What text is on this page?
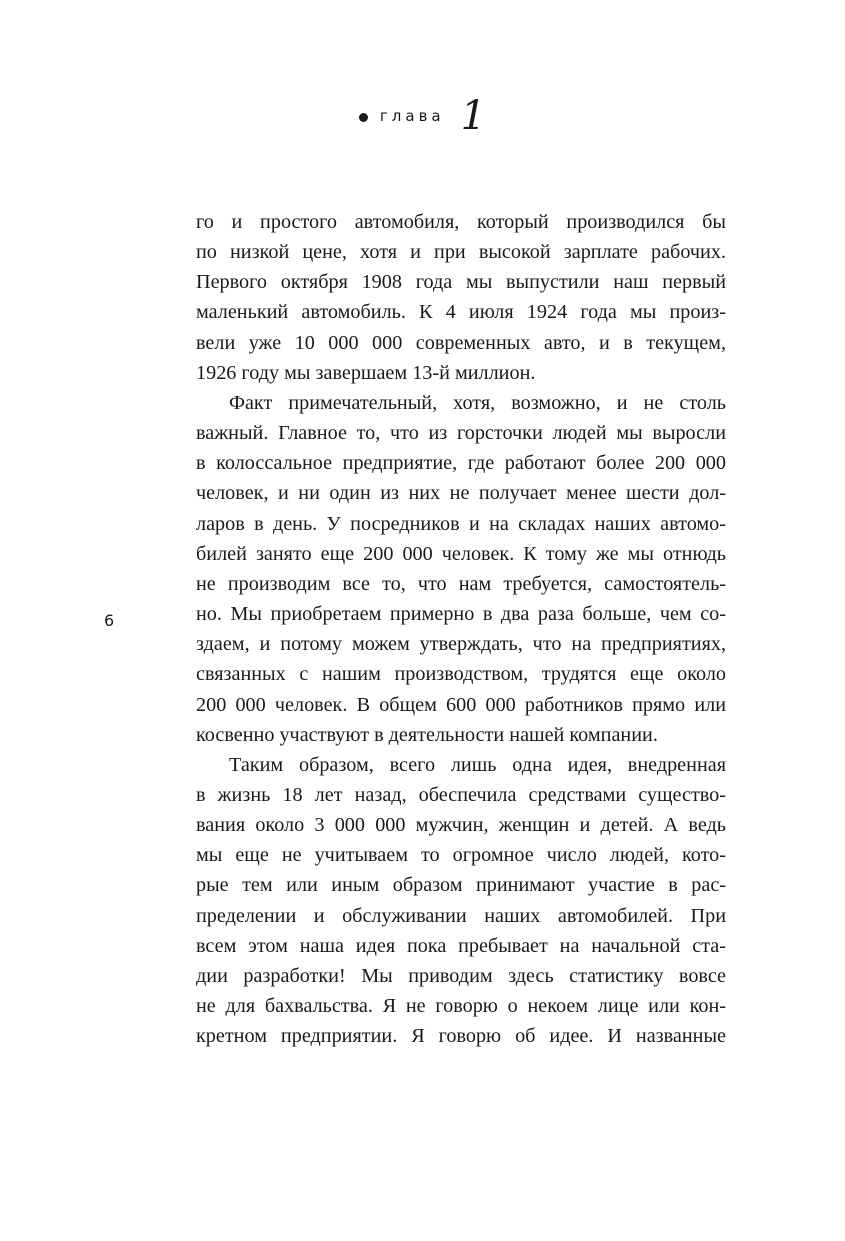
глава 1
6

го и простого автомобиля, который производился бы
по низкой цене, хотя и при высокой зарплате рабочих.
Первого октября 1908 года мы выпустили наш первый
маленький автомобиль. К 4 июля 1924 года мы произ-
вели уже 10 000 000 современных авто, и в текущем,
1926 году мы завершаем 13-й миллион.

Факт примечательный, хотя, возможно, и не столь
важный. Главное то, что из горсточки людей мы выросли
в колоссальное предприятие, где работают более 200 000
человек, и ни один из них не получает менее шести дол-
ларов в день. У посредников и на складах наших автомо-
билей занято еще 200 000 человек. К тому же мы отнюдь
не производим все то, что нам требуется, самостоятель-
но. Мы приобретаем примерно в два раза больше, чем со-
здаем, и потому можем утверждать, что на предприятиях,
связанных с нашим производством, трудятся еще около
200 000 человек. В общем 600 000 работников прямо или
косвенно участвуют в деятельности нашей компании.

Таким образом, всего лишь одна идея, внедренная
в жизнь 18 лет назад, обеспечила средствами существо-
вания около 3 000 000 мужчин, женщин и детей. А ведь
мы еще не учитываем то огромное число людей, кото-
рые тем или иным образом принимают участие в рас-
пределении и обслуживании наших автомобилей. При
всем этом наша идея пока пребывает на начальной ста-
дии разработки! Мы приводим здесь статистику вовсе
не для бахвальства. Я не говорю о некоем лице или кон-
кретном предприятии. Я говорю об идее. И названные
